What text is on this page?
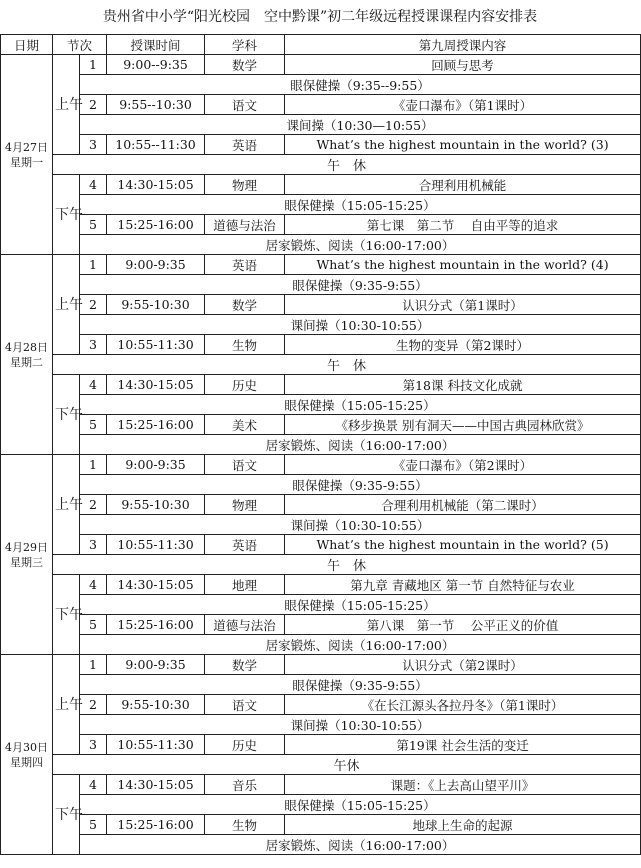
贵州省中小学“阳光校园　空中黔课”初二年级远程授课课程内容安排表
日期	节次		授课时间	学科	第九周授课内容

4月27日
星期一	上午	1	9:00--9:35	数学	回顾与思考
		眼保健操（9:35--9:55）			
		2	9:55--10:30	语文	《壶口瀑布》（第1课时）
		课间操（10:30—10:55）			
		3	10:55--11:30	英语	What’s the highest mountain in the world? (3)
	午　休				
	下午	4	14:30-15:05	物理	合理利用机械能
		眼保健操（15:05-15:25）			
		5	15:25-16:00	道德与法治	第七课　第二节　 自由平等的追求
		居家锻炼、阅读（16:00-17:00）			

4月28日
星期二	上午	1	9:00-9:35	英语	What’s the highest mountain in the world? (4)
		眼保健操（9:35-9:55）			
		2	9:55-10:30	数学	认识分式（第1课时）
		课间操（10:30-10:55）			
		3	10:55-11:30	生物	生物的变异（第2课时）
	午　休				
	下午	4	14:30-15:05	历史	第18课 科技文化成就
		眼保健操（15:05-15:25）			
		5	15:25-16:00	美术	《移步换景 别有洞天——中国古典园林欣赏》
		居家锻炼、阅读（16:00-17:00）			

4月29日
星期三	上午	1	9:00-9:35	语文	《壶口瀑布》（第2课时）
		眼保健操（9:35-9:55）			
		2	9:55-10:30	物理	合理利用机械能（第二课时）
		课间操（10:30-10:55）			
		3	10:55-11:30	英语	What’s the highest mountain in the world? (5)
	午　休				
	下午	4	14:30-15:05	地理	第九章 青藏地区 第一节 自然特征与农业
		眼保健操（15:05-15:25）			
		5	15:25-16:00	道德与法治	第八课　第一节　 公平正义的价值
		居家锻炼、阅读（16:00-17:00）			

4月30日
星期四	上午	1	9:00-9:35	数学	认识分式（第2课时）
		眼保健操（9:35-9:55）			
		2	9:55-10:30	语文	《在长江源头各拉丹冬》（第1课时）
		课间操（10:30-10:55）			
		3	10:55-11:30	历史	第19课 社会生活的变迁
	午休				
	下午	4	14:30-15:05	音乐	课题：《上去高山望平川》
		眼保健操（15:05-15:25）			
		5	15:25-16:00	生物	地球上生命的起源
		居家锻炼、阅读（16:00-17:00）			
